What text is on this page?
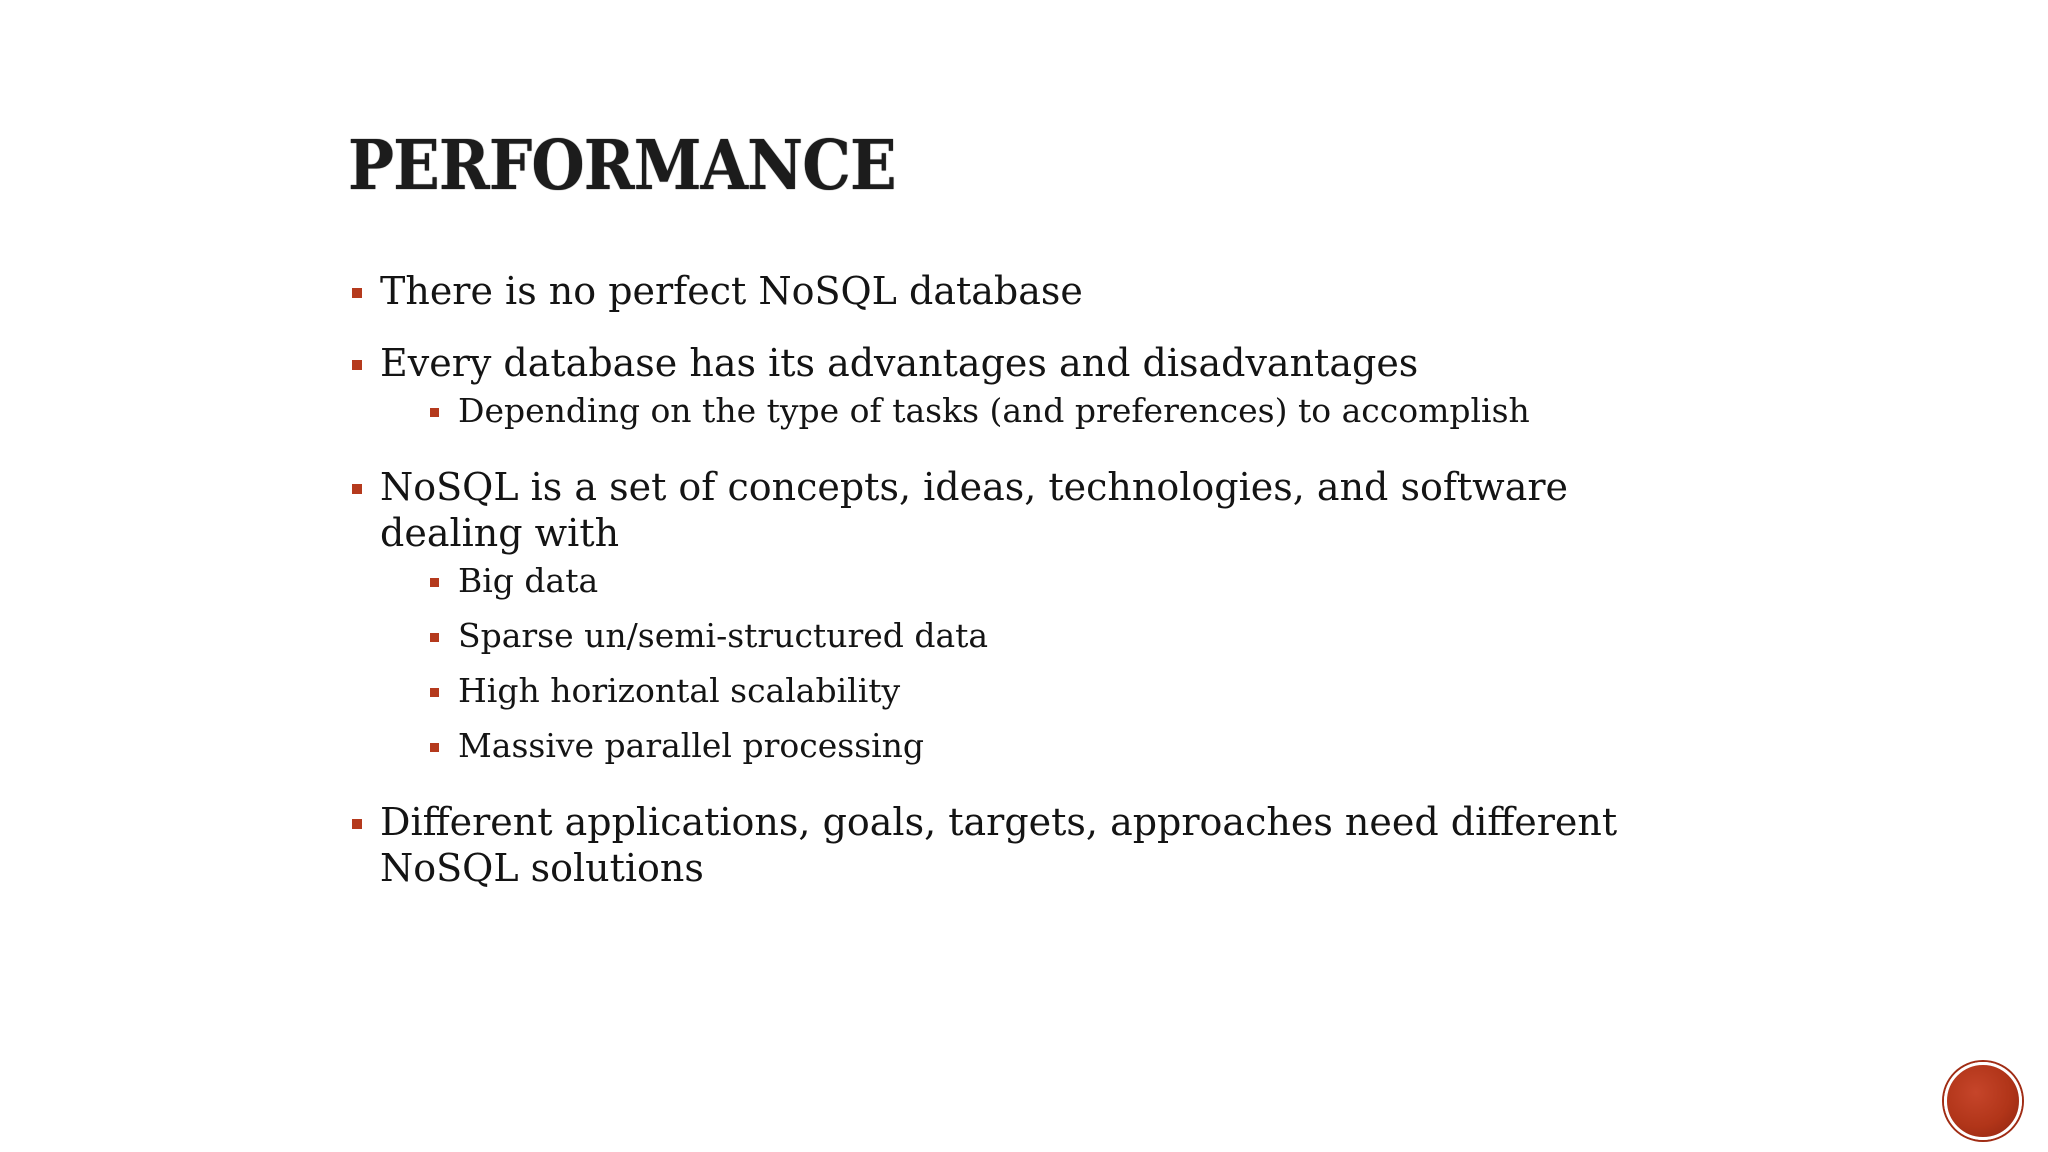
PERFORMANCE
There is no perfect NoSQL database
Every database has its advantages and disadvantages
Depending on the type of tasks (and preferences) to accomplish
NoSQL is a set of concepts, ideas, technologies, and software dealing with
Big data
Sparse un/semi-structured data
High horizontal scalability
Massive parallel processing
Different applications, goals, targets, approaches need different NoSQL solutions
